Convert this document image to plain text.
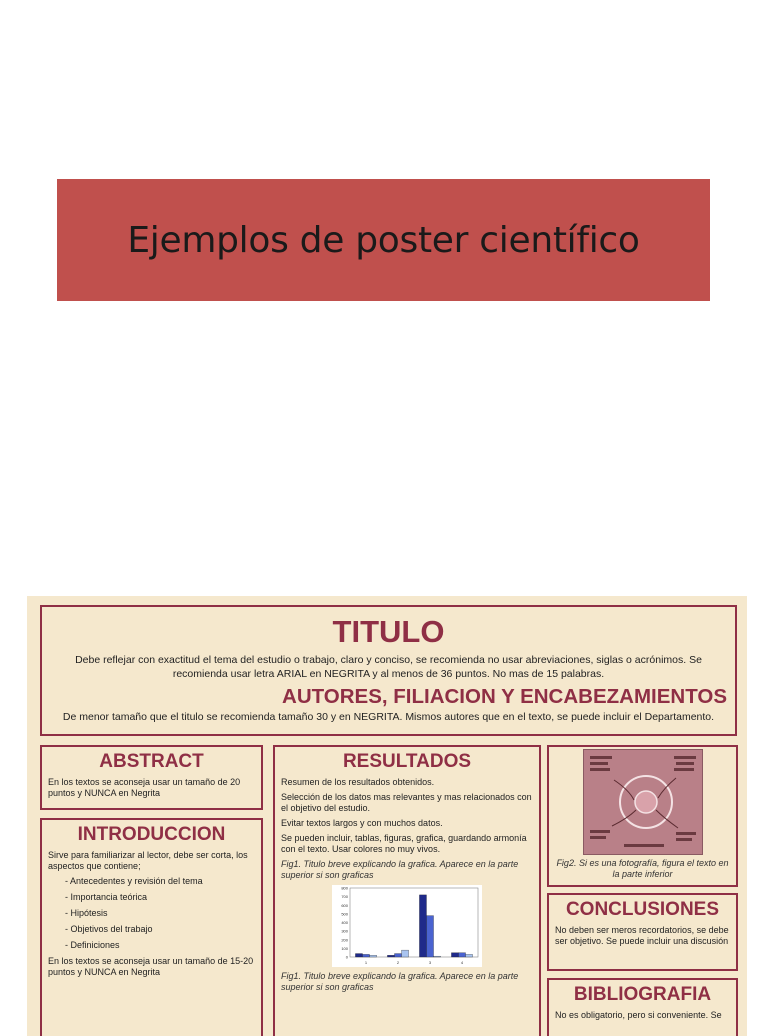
Ejemplos de poster científico
TITULO
Debe reflejar con exactitud el tema del estudio o trabajo, claro y conciso, se recomienda no usar abreviaciones, siglas o acrónimos. Se recomienda usar letra ARIAL en NEGRITA y al menos de 36 puntos. No mas de 15 palabras.
AUTORES, FILIACION Y ENCABEZAMIENTOS
De menor tamaño que el titulo se recomienda tamaño 30 y en NEGRITA. Mismos autores que en el texto, se puede incluir el Departamento.
ABSTRACT

En los textos se aconseja usar un tamaño de 20 puntos y NUNCA en Negrita

INTRODUCCION

Sirve para familiarizar al lector, debe ser corta, los aspectos que contiene;

- Antecedentes y revisión del tema
- Importancia teórica
- Hipótesis
- Objetivos del trabajo
- Definiciones

En los textos se aconseja usar un tamaño de 15-20 puntos y NUNCA en Negrita

RESULTADOS

Resumen de los resultados obtenidos.

Selección de los datos mas relevantes y mas relacionados con el objetivo del estudio.

Evitar textos largos y con muchos datos.

Se pueden incluir, tablas, figuras, grafica, guardando armonía con el texto. Usar colores no muy vivos.

Fig1. Titulo breve explicando la grafica. Aparece en la parte superior si son graficas

800
700
600
500
400
300
200
100
0
1	2	3	4

Fig1. Titulo breve explicando la grafica. Aparece en la parte superior si son graficas

Fig2. Si es una fotografía, figura el texto en la parte inferior
CONCLUSIONES

No deben ser meros recordatorios, se debe ser objetivo. Se puede incluir una discusión

BIBLIOGRAFIA

No es obligatorio, pero si conveniente. Se
